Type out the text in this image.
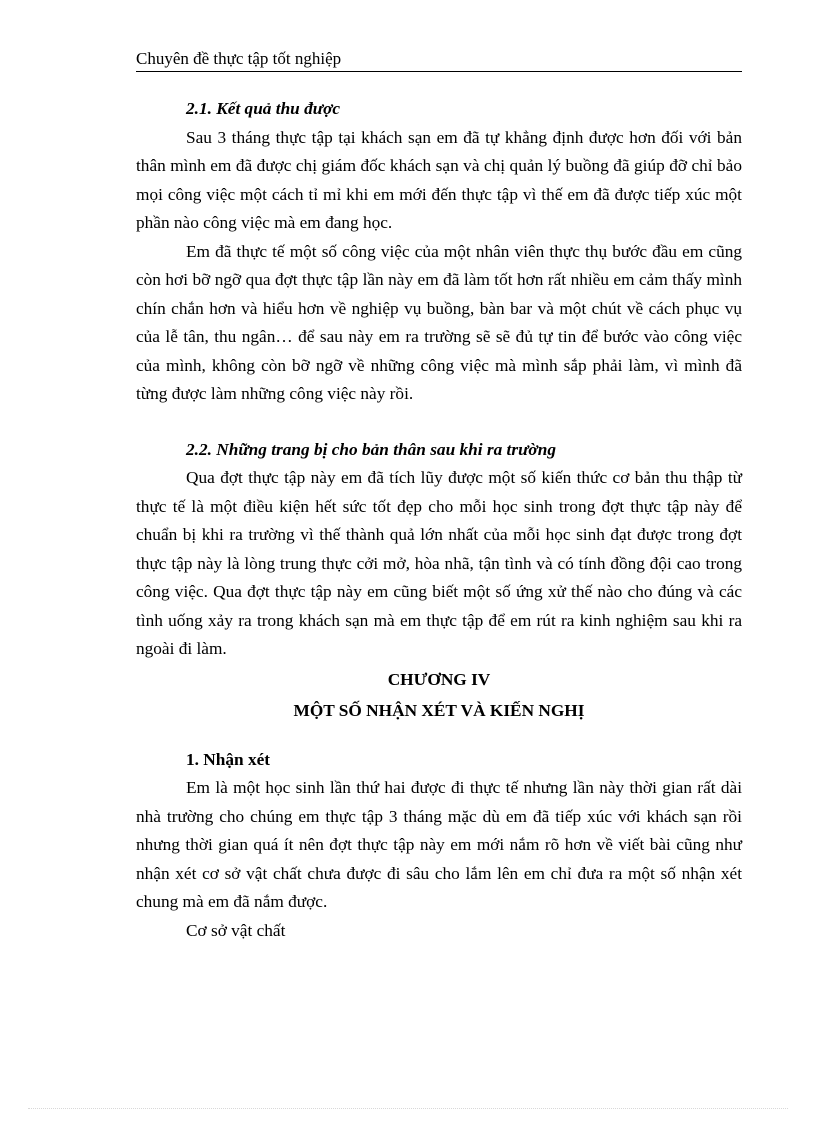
Chuyên đề thực tập tốt nghiệp

2.1. Kết quả thu được

Sau 3 tháng thực tập tại khách sạn em đã tự khẳng định được hơn đối với bản thân mình em đã được chị giám đốc khách sạn và chị quản lý buồng đã giúp đỡ chỉ bảo mọi công việc một cách tỉ mỉ khi em mới đến thực tập vì thế em đã được tiếp xúc một phần nào công việc mà em đang học.

Em đã thực tế một số công việc của một nhân viên thực thụ bước đầu em cũng còn hơi bỡ ngỡ qua đợt thực tập lần này em đã làm tốt hơn rất nhiều em cảm thấy mình chín chắn hơn và hiểu hơn về nghiệp vụ buồng, bàn bar và một chút về cách phục vụ của lễ tân, thu ngân… để sau này em ra trường sẽ sẽ đủ tự tin để bước vào công việc của mình, không còn bỡ ngỡ về những công việc mà mình sắp phải làm, vì mình đã từng được làm những công việc này rồi.

2.2. Những trang bị cho bản thân sau khi ra trường

Qua đợt thực tập này em đã tích lũy được một số kiến thức cơ bản thu thập từ thực tế là một điều kiện hết sức tốt đẹp cho mỗi học sinh trong đợt thực tập này để chuẩn bị khi ra trường vì thế thành quả lớn nhất của mỗi học sinh đạt được trong đợt thực tập này là lòng trung thực cởi mở, hòa nhã, tận tình và có tính đồng đội cao trong công việc. Qua đợt thực tập này em cũng biết một số ứng xử thế nào cho đúng và các tình uống xảy ra trong khách sạn mà em thực tập để em rút ra kinh nghiệm sau khi ra ngoài đi làm.

CHƯƠNG IV

MỘT SỐ NHẬN XÉT VÀ KIẾN NGHỊ

1. Nhận xét

Em là một học sinh lần thứ hai được đi thực tế nhưng lần này thời gian rất dài nhà trường cho chúng em thực tập 3 tháng mặc dù em đã tiếp xúc với khách sạn rồi nhưng thời gian quá ít nên đợt thực tập này em mới nắm rõ hơn về viết bài cũng như nhận xét cơ sở vật chất chưa được đi sâu cho lắm lên em chỉ đưa ra một số nhận xét chung mà em đã nắm được.

Cơ sở vật chất
